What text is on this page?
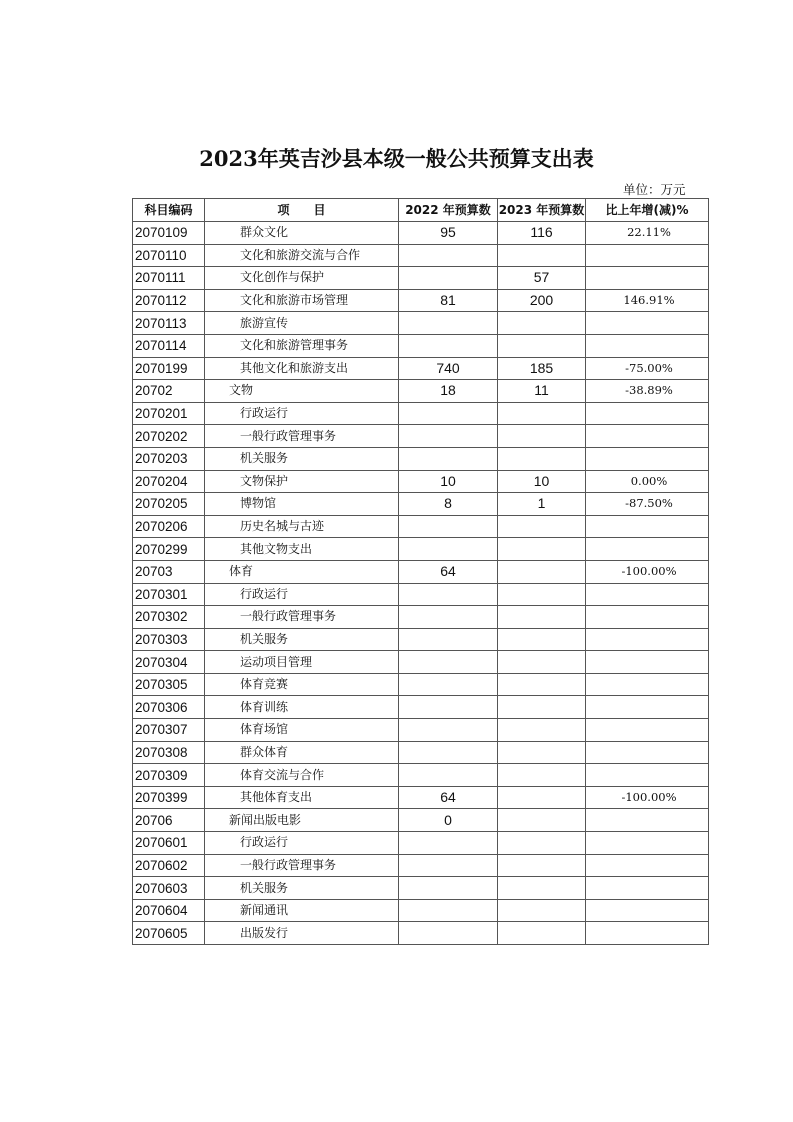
2023年英吉沙县本级一般公共预算支出表
单位：万元
科目编码	项　　目	2022 年预算数	2023 年预算数	比上年增(减)%
2070109	群众文化	95	116	22.11%
2070110	文化和旅游交流与合作			
2070111	文化创作与保护		57	
2070112	文化和旅游市场管理	81	200	146.91%
2070113	旅游宣传			
2070114	文化和旅游管理事务			
2070199	其他文化和旅游支出	740	185	-75.00%
20702	文物	18	11	-38.89%
2070201	行政运行			
2070202	一般行政管理事务			
2070203	机关服务			
2070204	文物保护	10	10	0.00%
2070205	博物馆	8	1	-87.50%
2070206	历史名城与古迹			
2070299	其他文物支出			
20703	体育	64		-100.00%
2070301	行政运行			
2070302	一般行政管理事务			
2070303	机关服务			
2070304	运动项目管理			
2070305	体育竞赛			
2070306	体育训练			
2070307	体育场馆			
2070308	群众体育			
2070309	体育交流与合作			
2070399	其他体育支出	64		-100.00%
20706	新闻出版电影	0		
2070601	行政运行			
2070602	一般行政管理事务			
2070603	机关服务			
2070604	新闻通讯			
2070605	出版发行			
